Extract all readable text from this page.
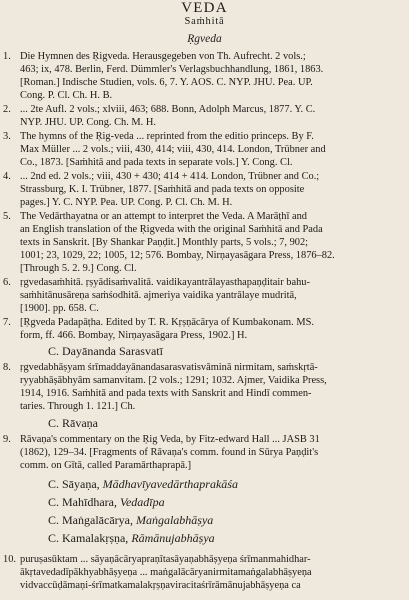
VEDA
Saṁhitā
Ṛgveda
1. Die Hymnen des Ṛigveda. Herausgegeben von Th. Aufrecht. 2 vols.;
463; ix, 478. Berlin, Ferd. Dümmler's Verlagsbuchhandlung, 1861, 1863.
[Roman.] Indische Studien, vols. 6, 7. Y. AOS. C. NYP. JHU. Pea. UP.
Cong. P. Cl. Ch. H. B.
2. ... 2te Aufl. 2 vols.; xlviii, 463; 688. Bonn, Adolph Marcus, 1877. Y. C.
NYP. JHU. UP. Cong. Ch. M. H.
3. The hymns of the Ṛig-veda ... reprinted from the editio princeps. By F.
Max Müller ... 2 vols.; viii, 430, 414; viii, 430, 414. London, Trübner and
Co., 1873. [Saṁhitā and pada texts in separate vols.] Y. Cong. Cl.
4. ... 2nd ed. 2 vols.; viii, 430 + 430; 414 + 414. London, Trübner and Co.;
Strassburg, K. I. Trübner, 1877. [Saṁhitā and pada texts on opposite
pages.] Y. C. NYP. Pea. UP. Cong. P. Cl. Ch. M. H.
5. The Vedārthayatna or an attempt to interpret the Veda. A Marāṭhī and
an English translation of the Ṛigveda with the original Saṁhitā and Pada
texts in Sanskrit. [By Shankar Paṇḍit.] Monthly parts, 5 vols.; 7, 902;
1001; 23, 1029, 22; 1005, 12; 576. Bombay, Nirṇayasāgara Press, 1876–82.
[Through 5. 2. 9.] Cong. Cl.
6. ṛgvedasaṁhitā. ṛṣyādisaṁvalitā. vaidikayantrālayasthapaṇḍitair bahu-
saṁhitānusāreṇa saṁśodhitā. ajmeriya vaidika yantrālaye mudritā,
[1900]. pp. 658. C.
7. [Ṛgveda Padapāṭha. Edited by T. R. Kṛṣṇācārya of Kumbakonam. MS.
form, ff. 466. Bombay, Nirṇayasāgara Press, 1902.] H.
C. Dayānanda Sarasvatī
8. ṛgvedabhāṣyam śrīmaddayānandasarasvatisvāminā nirmitam, saṁskṛtā-
ryyabhāṣābhyām samanvitam. [2 vols.; 1291; 1032. Ajmer, Vaidika Press,
1914, 1916. Saṁhitā and pada texts with Sanskrit and Hindī commen-
taries. Through 1. 121.] Ch.
C. Rāvaṇa
9. Rāvaṇa's commentary on the Ṛig Veda, by Fitz-edward Hall ... JASB 31
(1862), 129–34. [Fragments of Rāvaṇa's comm. found in Sūrya Paṇḍit's
comm. on Gītā, called Paramārthaprapā.]
C. Sāyaṇa, Mādhavīyavedārthaprakāśa
C. Mahīdhara, Vedadīpa
C. Maṅgalācārya, Maṅgalabhāṣya
C. Kamalakṛṣṇa, Rāmānujabhāṣya
10. puruṣasūktam ... sāyaṇācāryapraṇītasāyaṇabhāṣyeṇa śrīmanmahidhar-
ākṛtavedadīpākhyabhāṣyeṇa ... maṅgalācāryanirmitamaṅgalabhāṣyeṇa
vidvaccūḍāmaṇi-śrīmatkamalakṛṣṇaviracitaśrīrāmānujabhāṣyeṇa ca
